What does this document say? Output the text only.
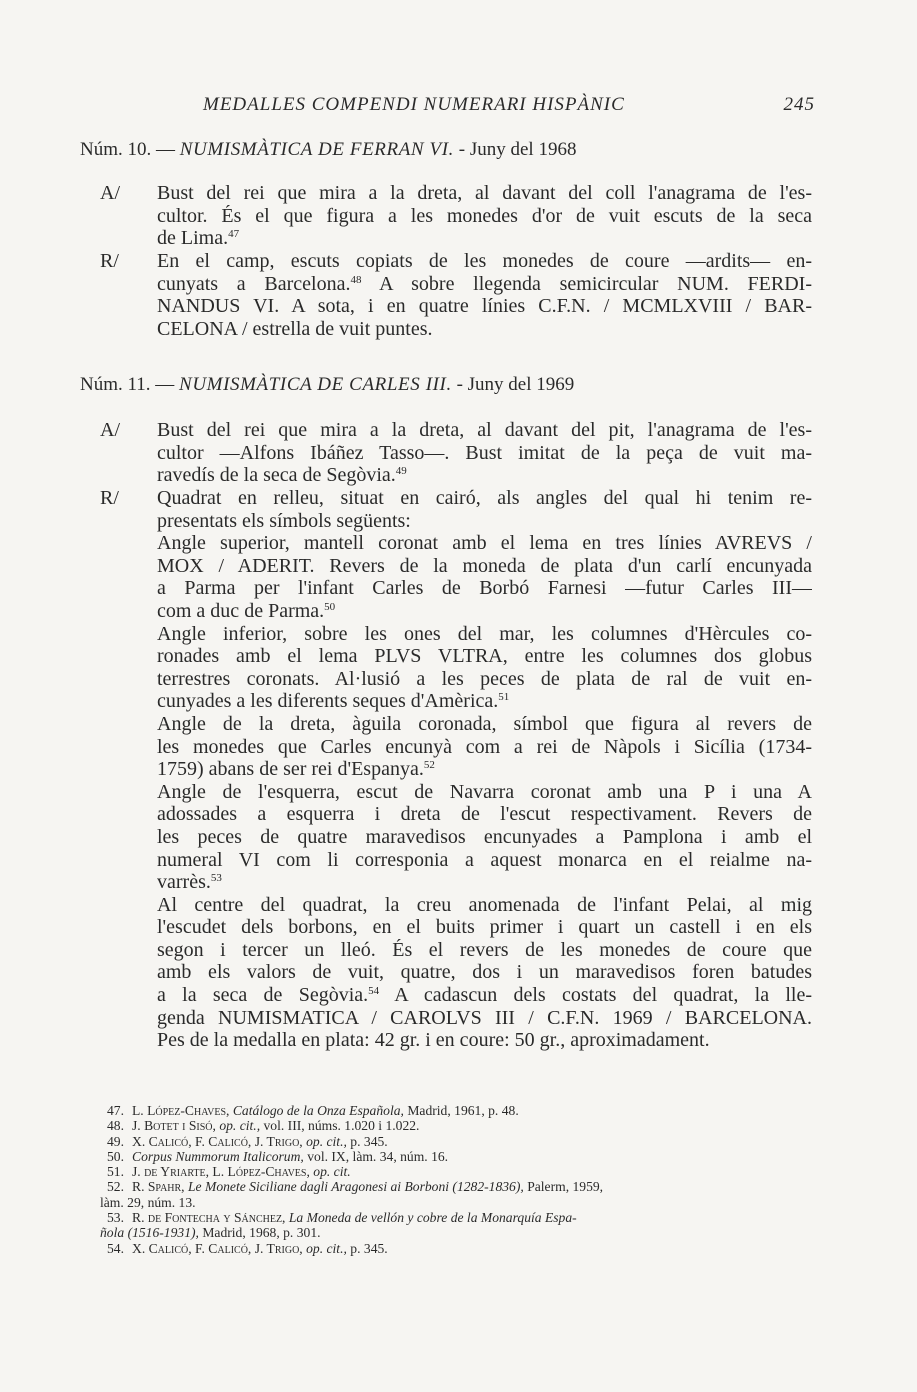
MEDALLES COMPENDI NUMERARI HISPÀNIC	245
Núm. 10. — NUMISMÀTICA DE FERRAN VI. - Juny del 1968
A/ Bust del rei que mira a la dreta, al davant del coll l'anagrama de l'es-
cultor. És el que figura a les monedes d'or de vuit escuts de la seca
de Lima.$^{47}$
R/ En el camp, escuts copiats de les monedes de coure —ardits— en-
cunyats a Barcelona.$^{48}$ A sobre llegenda semicircular NUM. FERDI-
NANDUS VI. A sota, i en quatre línies C.F.N. / MCMLXVIII / BAR-
CELONA / estrella de vuit puntes.
Núm. 11. — NUMISMÀTICA DE CARLES III. - Juny del 1969
A/ Bust del rei que mira a la dreta, al davant del pit, l'anagrama de l'es-
cultor —Alfons Ibáñez Tasso—. Bust imitat de la peça de vuit ma-
ravedís de la seca de Segòvia.$^{49}$
R/ Quadrat en relleu, situat en cairó, als angles del qual hi tenim re-
presentats els símbols següents:
Angle superior, mantell coronat amb el lema en tres línies AVREVS /
MOX / ADERIT. Revers de la moneda de plata d'un carlí encunyada
a Parma per l'infant Carles de Borbó Farnesi —futur Carles III—
com a duc de Parma.$^{50}$
Angle inferior, sobre les ones del mar, les columnes d'Hèrcules co-
ronades amb el lema PLVS VLTRA, entre les columnes dos globus
terrestres coronats. Al·lusió a les peces de plata de ral de vuit en-
cunyades a les diferents seques d'Amèrica.$^{51}$
Angle de la dreta, àguila coronada, símbol que figura al revers de
les monedes que Carles encunyà com a rei de Nàpols i Sicília (1734-
1759) abans de ser rei d'Espanya.$^{52}$
Angle de l'esquerra, escut de Navarra coronat amb una P i una A
adossades a esquerra i dreta de l'escut respectivament. Revers de
les peces de quatre maravedisos encunyades a Pamplona i amb el
numeral VI com li corresponia a aquest monarca en el reialme na-
varrès.$^{53}$
Al centre del quadrat, la creu anomenada de l'infant Pelai, al mig
l'escudet dels borbons, en el buits primer i quart un castell i en els
segon i tercer un lleó. És el revers de les monedes de coure que
amb els valors de vuit, quatre, dos i un maravedisos foren batudes
a la seca de Segòvia.$^{54}$ A cadascun dels costats del quadrat, la lle-
genda NUMISMATICA / CAROLVS III / C.F.N. 1969 / BARCELONA.
Pes de la medalla en plata: 42 gr. i en coure: 50 gr., aproximadament.
47. L. López-Chaves, Catálogo de la Onza Española, Madrid, 1961, p. 48.
48. J. Botet i Sisó, op. cit., vol. III, núms. 1.020 i 1.022.
49. X. Calicó, F. Calicó, J. Trigo, op. cit., p. 345.
50. Corpus Nummorum Italicorum, vol. IX, làm. 34, núm. 16.
51. J. de Yriarte, L. López-Chaves, op. cit.
52. R. Spahr, Le Monete Siciliane dagli Aragonesi ai Borboni (1282-1836), Palerm, 1959,
làm. 29, núm. 13.
53. R. de Fontecha y Sánchez, La Moneda de vellón y cobre de la Monarquía Espa-
ñola (1516-1931), Madrid, 1968, p. 301.
54. X. Calicó, F. Calicó, J. Trigo, op. cit., p. 345.
